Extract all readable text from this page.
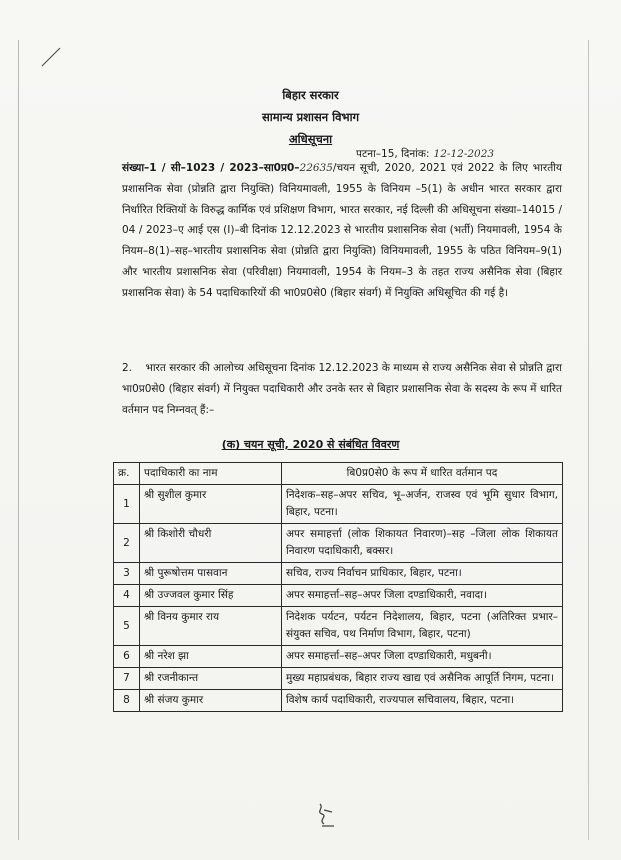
बिहार सरकार
सामान्य प्रशासन विभाग
अधिसूचना
पटना–15, दिनांक: 12-12-2023
संख्या–1 / सी–1023 / 2023–सा0प्र0–22635/चयन सूची, 2020, 2021 एवं 2022 के लिए भारतीय प्रशासनिक सेवा (प्रोन्नति द्वारा नियुक्ति) विनियमावली, 1955 के विनियम –5(1) के अधीन भारत सरकार द्वारा निर्धारित रिक्तियों के विरुद्ध कार्मिक एवं प्रशिक्षण विभाग, भारत सरकार, नई दिल्ली की अधिसूचना संख्या–14015 / 04 / 2023–ए आई एस (I)–बी दिनांक 12.12.2023 से भारतीय प्रशासनिक सेवा (भर्ती) नियमावली, 1954 के नियम–8(1)–सह–भारतीय प्रशासनिक सेवा (प्रोन्नति द्वारा नियुक्ति) विनियमावली, 1955 के पठित विनियम–9(1) और भारतीय प्रशासनिक सेवा (परिवीक्षा) नियमावली, 1954 के नियम–3 के तहत राज्य असैनिक सेवा (बिहार प्रशासनिक सेवा) के 54 पदाधिकारियों की भा0प्र0से0 (बिहार संवर्ग) में नियुक्ति अधिसूचित की गई है।
2. भारत सरकार की आलोच्य अधिसूचना दिनांक 12.12.2023 के माध्यम से राज्य असैनिक सेवा से प्रोन्नति द्वारा भा0प्र0से0 (बिहार संवर्ग) में नियुक्त पदाधिकारी और उनके स्तर से बिहार प्रशासनिक सेवा के सदस्य के रूप में धारित वर्तमान पद निम्नवत् हैं:–
(क) चयन सूची, 2020 से संबंधित विवरण
क्र.	पदाधिकारी का नाम	बि0प्र0से0 के रूप में धारित वर्तमान पद
1	श्री सुशील कुमार	निदेशक–सह–अपर सचिव, भू–अर्जन, राजस्व एवं भूमि सुधार विभाग, बिहार, पटना।
2	श्री किशोरी चौधरी	अपर समाहर्त्ता (लोक शिकायत निवारण)–सह –जिला लोक शिकायत निवारण पदाधिकारी, बक्सर।
3	श्री पुरूषोत्तम पासवान	सचिव, राज्य निर्वाचन प्राधिकार, बिहार, पटना।
4	श्री उज्जवल कुमार सिंह	अपर समाहर्त्ता–सह–अपर जिला दण्डाधिकारी, नवादा।
5	श्री विनय कुमार राय	निदेशक पर्यटन, पर्यटन निदेशालय, बिहार, पटना (अतिरिक्त प्रभार– संयुक्त सचिव, पथ निर्माण विभाग, बिहार, पटना)
6	श्री नरेश झा	अपर समाहर्त्ता–सह–अपर जिला दण्डाधिकारी, मधुबनी।
7	श्री रजनीकान्त	मुख्य महाप्रबंधक, बिहार राज्य खाद्य एवं असैनिक आपूर्ति निगम, पटना।
8	श्री संजय कुमार	विशेष कार्य पदाधिकारी, राज्यपाल सचिवालय, बिहार, पटना।
